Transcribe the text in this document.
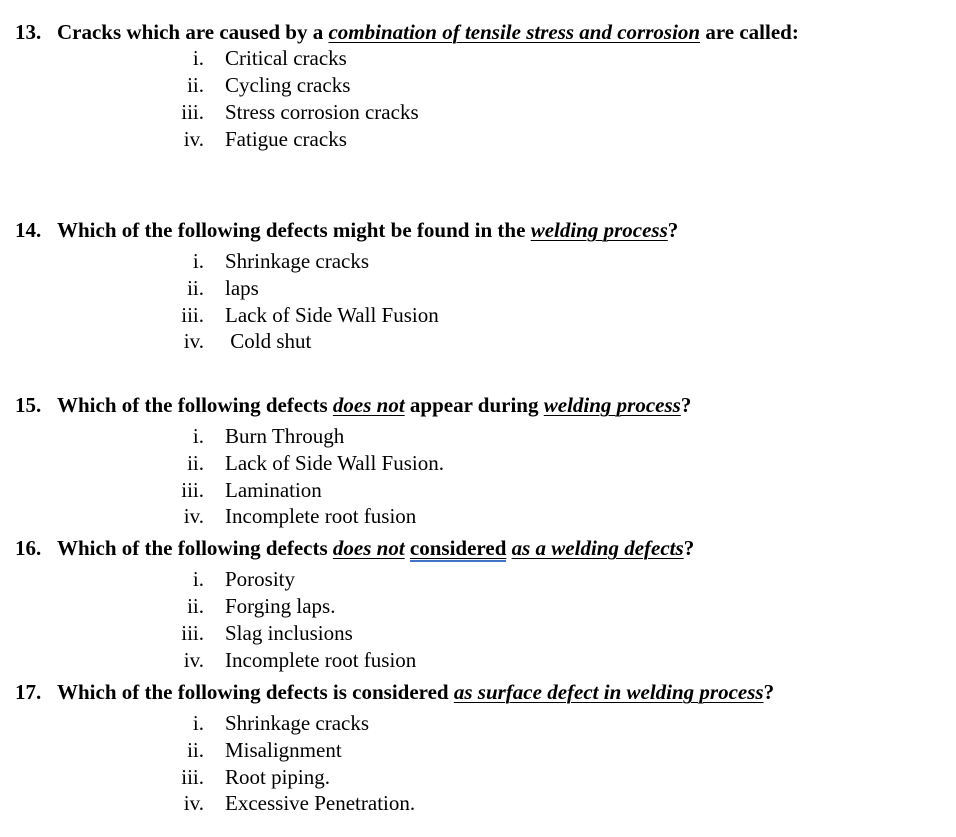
13. Cracks which are caused by a combination of tensile stress and corrosion are called:
i. Critical cracks
ii. Cycling cracks
iii. Stress corrosion cracks
iv. Fatigue cracks
14. Which of the following defects might be found in the welding process?
i. Shrinkage cracks
ii. laps
iii. Lack of Side Wall Fusion
iv. Cold shut
15. Which of the following defects does not appear during welding process?
i. Burn Through
ii. Lack of Side Wall Fusion.
iii. Lamination
iv. Incomplete root fusion
16. Which of the following defects does not considered as a welding defects?
i. Porosity
ii. Forging laps.
iii. Slag inclusions
iv. Incomplete root fusion
17. Which of the following defects is considered as surface defect in welding process?
i. Shrinkage cracks
ii. Misalignment
iii. Root piping.
iv. Excessive Penetration.
